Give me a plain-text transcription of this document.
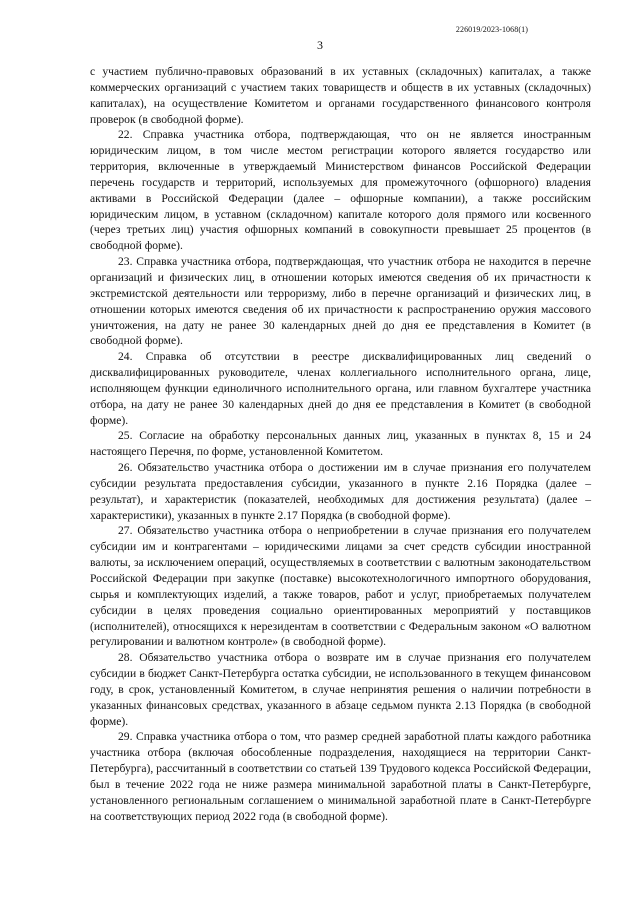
226019/2023-1068(1)
3

с участием публично-правовых образований в их уставных (складочных) капиталах, а также коммерческих организаций с участием таких товариществ и обществ в их уставных (складочных) капиталах), на осуществление Комитетом и органами государственного финансового контроля проверок (в свободной форме).

22. Справка участника отбора, подтверждающая, что он не является иностранным юридическим лицом, в том числе местом регистрации которого является государство или территория, включенные в утверждаемый Министерством финансов Российской Федерации перечень государств и территорий, используемых для промежуточного (офшорного) владения активами в Российской Федерации (далее – офшорные компании), а также российским юридическим лицом, в уставном (складочном) капитале которого доля прямого или косвенного (через третьих лиц) участия офшорных компаний в совокупности превышает 25 процентов (в свободной форме).

23. Справка участника отбора, подтверждающая, что участник отбора не находится в перечне организаций и физических лиц, в отношении которых имеются сведения об их причастности к экстремистской деятельности или терроризму, либо в перечне организаций и физических лиц, в отношении которых имеются сведения об их причастности к распространению оружия массового уничтожения, на дату не ранее 30 календарных дней до дня ее представления в Комитет (в свободной форме).

24. Справка об отсутствии в реестре дисквалифицированных лиц сведений о дисквалифицированных руководителе, членах коллегиального исполнительного органа, лице, исполняющем функции единоличного исполнительного органа, или главном бухгалтере участника отбора, на дату не ранее 30 календарных дней до дня ее представления в Комитет (в свободной форме).

25. Согласие на обработку персональных данных лиц, указанных в пунктах 8, 15 и 24 настоящего Перечня, по форме, установленной Комитетом.

26. Обязательство участника отбора о достижении им в случае признания его получателем субсидии результата предоставления субсидии, указанного в пункте 2.16 Порядка (далее – результат), и характеристик (показателей, необходимых для достижения результата) (далее – характеристики), указанных в пункте 2.17 Порядка (в свободной форме).

27. Обязательство участника отбора о неприобретении в случае признания его получателем субсидии им и контрагентами – юридическими лицами за счет средств субсидии иностранной валюты, за исключением операций, осуществляемых в соответствии с валютным законодательством Российской Федерации при закупке (поставке) высокотехнологичного импортного оборудования, сырья и комплектующих изделий, а также товаров, работ и услуг, приобретаемых получателем субсидии в целях проведения социально ориентированных мероприятий у поставщиков (исполнителей), относящихся к нерезидентам в соответствии с Федеральным законом «О валютном регулировании и валютном контроле» (в свободной форме).

28. Обязательство участника отбора о возврате им в случае признания его получателем субсидии в бюджет Санкт-Петербурга остатка субсидии, не использованного в текущем финансовом году, в срок, установленный Комитетом, в случае непринятия решения о наличии потребности в указанных финансовых средствах, указанного в абзаце седьмом пункта 2.13 Порядка (в свободной форме).

29. Справка участника отбора о том, что размер средней заработной платы каждого работника участника отбора (включая обособленные подразделения, находящиеся на территории Санкт-Петербурга), рассчитанный в соответствии со статьей 139 Трудового кодекса Российской Федерации, был в течение 2022 года не ниже размера минимальной заработной платы в Санкт-Петербурге, установленного региональным соглашением о минимальной заработной плате в Санкт-Петербурге на соответствующих период 2022 года (в свободной форме).
